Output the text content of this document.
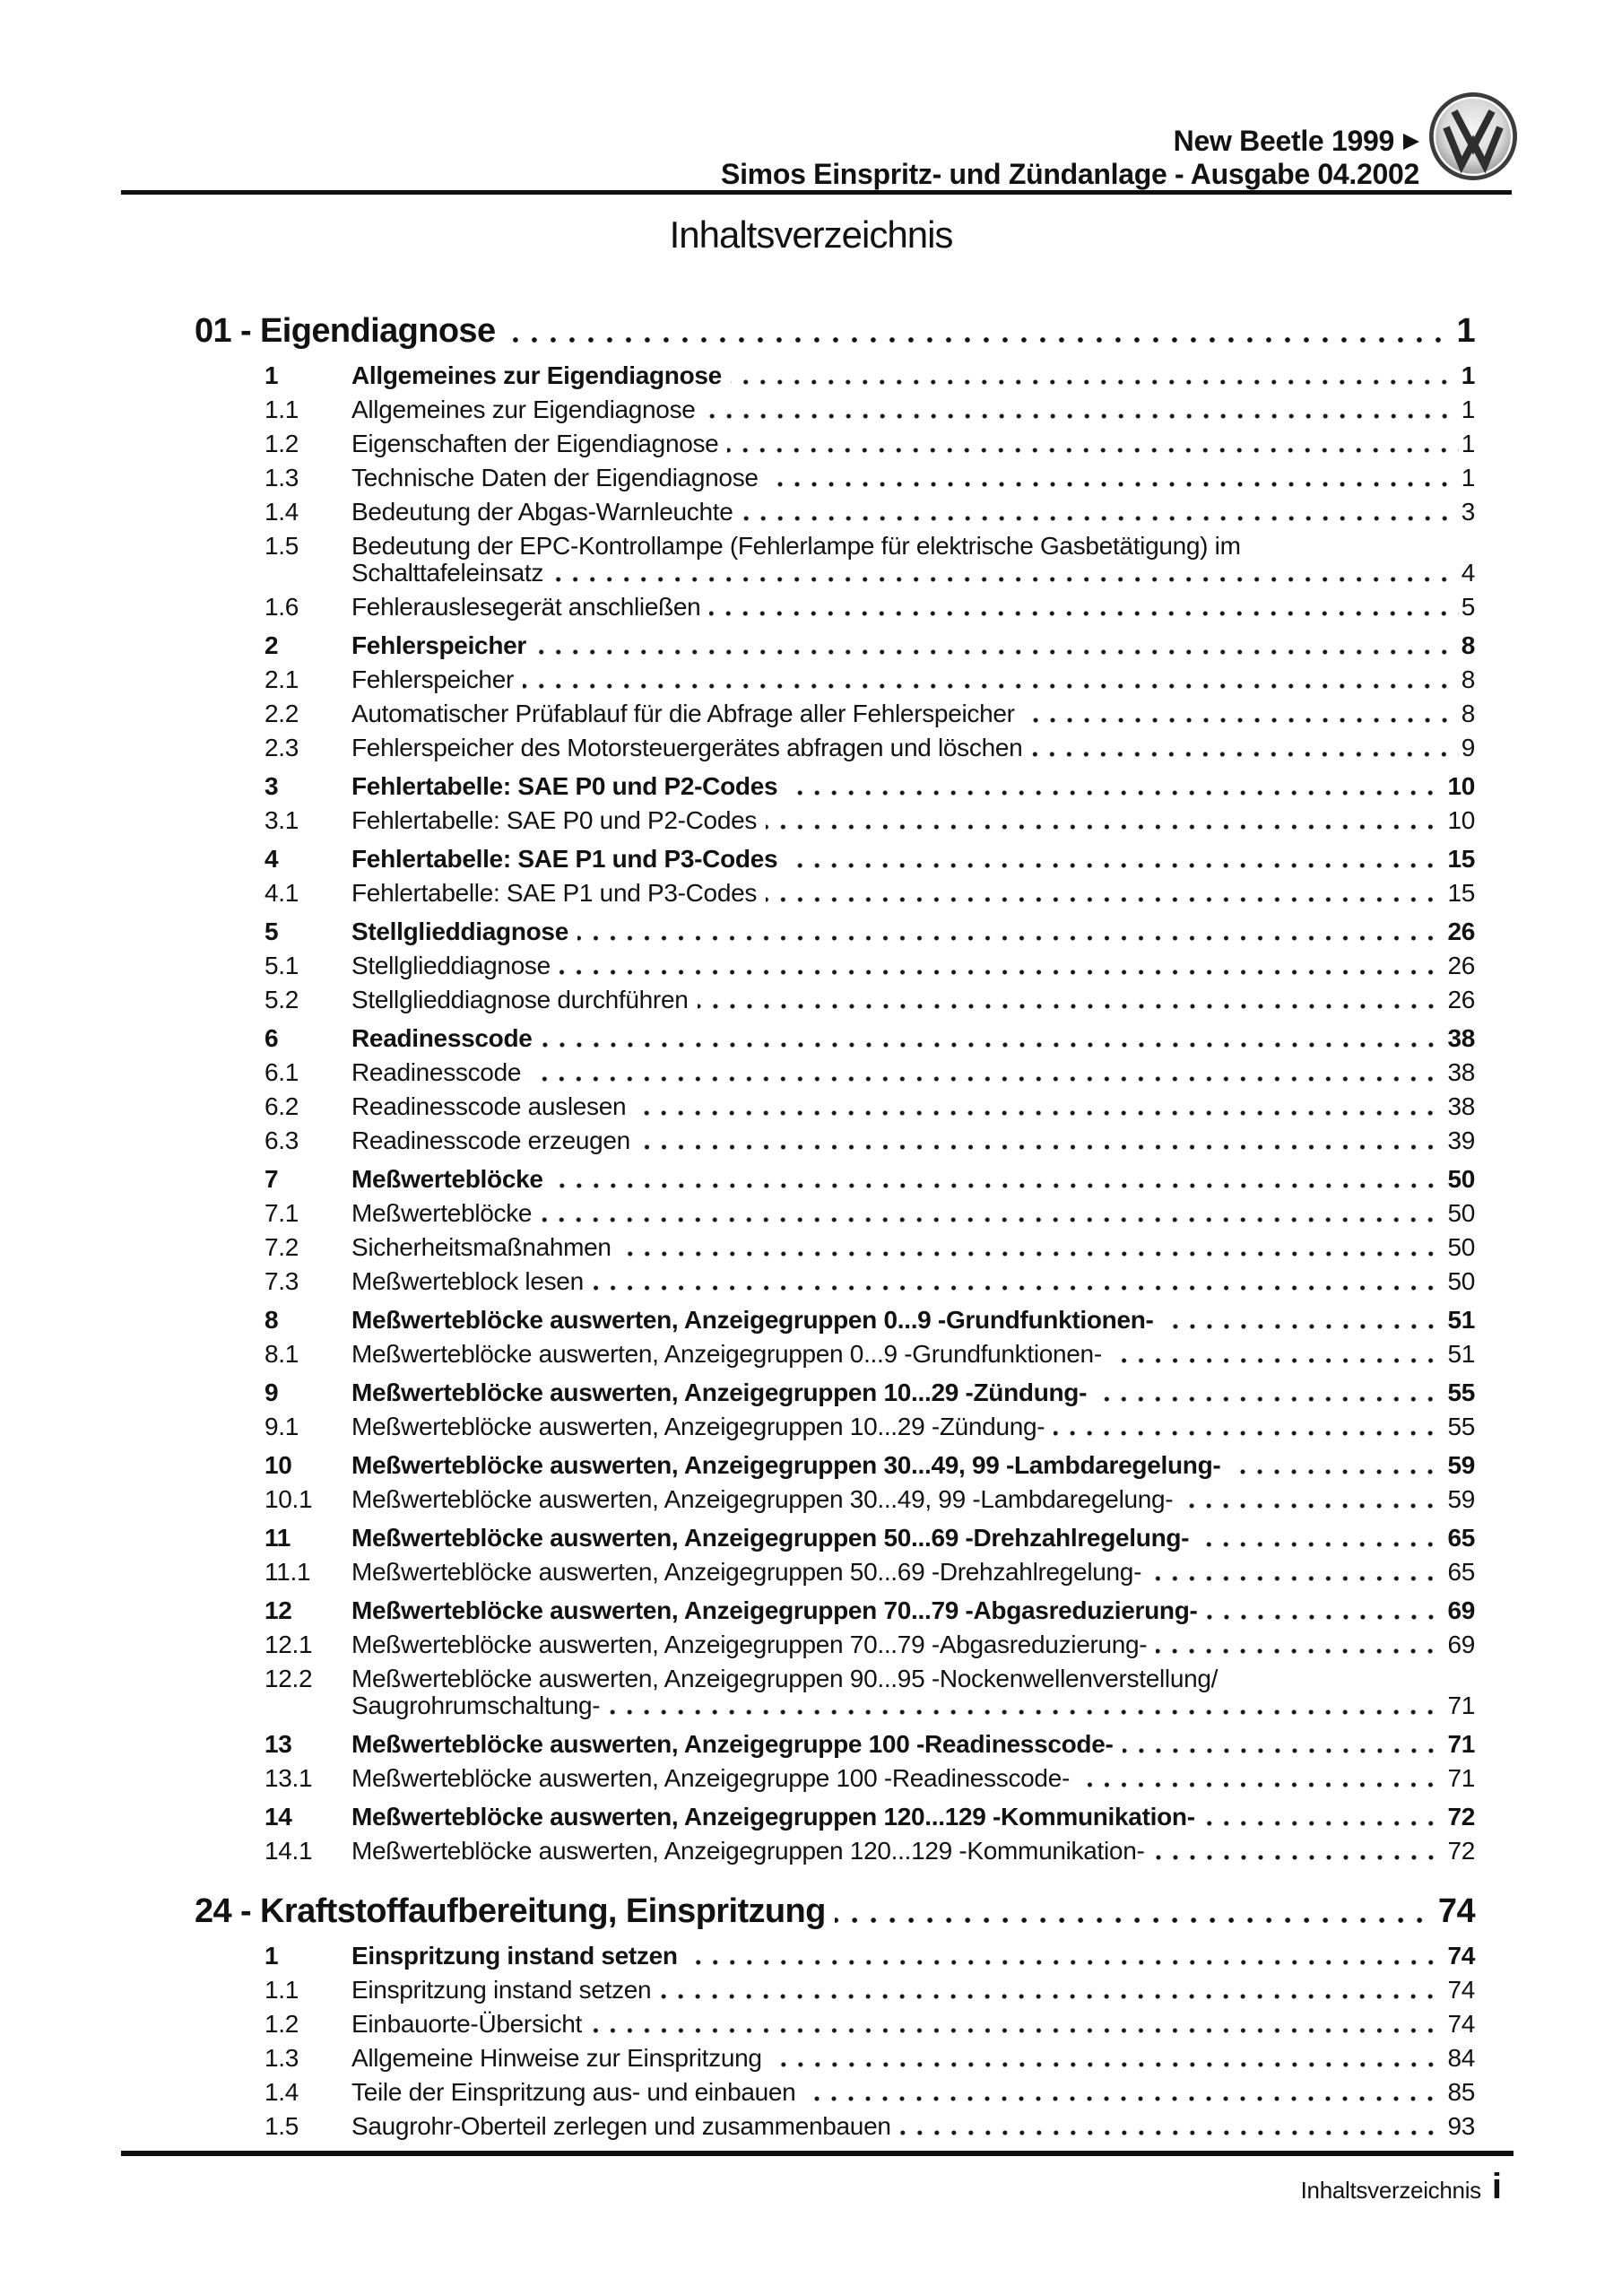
New Beetle 1999
Simos Einspritz- und Zündanlage - Ausgabe 04.2002
Inhaltsverzeichnis
01 - Eigendiagnose	1
1	Allgemeines zur Eigendiagnose	1
1.1	Allgemeines zur Eigendiagnose	1
1.2	Eigenschaften der Eigendiagnose	1
1.3	Technische Daten der Eigendiagnose	1
1.4	Bedeutung der Abgas-Warnleuchte	3
1.5	Bedeutung der EPC-Kontrollampe (Fehlerlampe für elektrische Gasbetätigung) im
Schalttafeleinsatz	4
1.6	Fehlerauslesegerät anschließen	5
2	Fehlerspeicher	8
2.1	Fehlerspeicher	8
2.2	Automatischer Prüfablauf für die Abfrage aller Fehlerspeicher	8
2.3	Fehlerspeicher des Motorsteuergerätes abfragen und löschen	9
3	Fehlertabelle: SAE P0 und P2-Codes	10
3.1	Fehlertabelle: SAE P0 und P2-Codes	10
4	Fehlertabelle: SAE P1 und P3-Codes	15
4.1	Fehlertabelle: SAE P1 und P3-Codes	15
5	Stellglieddiagnose	26
5.1	Stellglieddiagnose	26
5.2	Stellglieddiagnose durchführen	26
6	Readinesscode	38
6.1	Readinesscode	38
6.2	Readinesscode auslesen	38
6.3	Readinesscode erzeugen	39
7	Meßwerteblöcke	50
7.1	Meßwerteblöcke	50
7.2	Sicherheitsmaßnahmen	50
7.3	Meßwerteblock lesen	50
8	Meßwerteblöcke auswerten, Anzeigegruppen 0...9 -Grundfunktionen-	51
8.1	Meßwerteblöcke auswerten, Anzeigegruppen 0...9 -Grundfunktionen-	51
9	Meßwerteblöcke auswerten, Anzeigegruppen 10...29 -Zündung-	55
9.1	Meßwerteblöcke auswerten, Anzeigegruppen 10...29 -Zündung-	55
10	Meßwerteblöcke auswerten, Anzeigegruppen 30...49, 99 -Lambdaregelung-	59
10.1	Meßwerteblöcke auswerten, Anzeigegruppen 30...49, 99 -Lambdaregelung-	59
11	Meßwerteblöcke auswerten, Anzeigegruppen 50...69 -Drehzahlregelung-	65
11.1	Meßwerteblöcke auswerten, Anzeigegruppen 50...69 -Drehzahlregelung-	65
12	Meßwerteblöcke auswerten, Anzeigegruppen 70...79 -Abgasreduzierung-	69
12.1	Meßwerteblöcke auswerten, Anzeigegruppen 70...79 -Abgasreduzierung-	69
12.2	Meßwerteblöcke auswerten, Anzeigegruppen 90...95 -Nockenwellenverstellung/
Saugrohrumschaltung-	71
13	Meßwerteblöcke auswerten, Anzeigegruppe 100 -Readinesscode-	71
13.1	Meßwerteblöcke auswerten, Anzeigegruppe 100 -Readinesscode-	71
14	Meßwerteblöcke auswerten, Anzeigegruppen 120...129 -Kommunikation-	72
14.1	Meßwerteblöcke auswerten, Anzeigegruppen 120...129 -Kommunikation-	72
24 - Kraftstoffaufbereitung, Einspritzung	74
1	Einspritzung instand setzen	74
1.1	Einspritzung instand setzen	74
1.2	Einbauorte-Übersicht	74
1.3	Allgemeine Hinweise zur Einspritzung	84
1.4	Teile der Einspritzung aus- und einbauen	85
1.5	Saugrohr-Oberteil zerlegen und zusammenbauen	93
Inhaltsverzeichnis i
